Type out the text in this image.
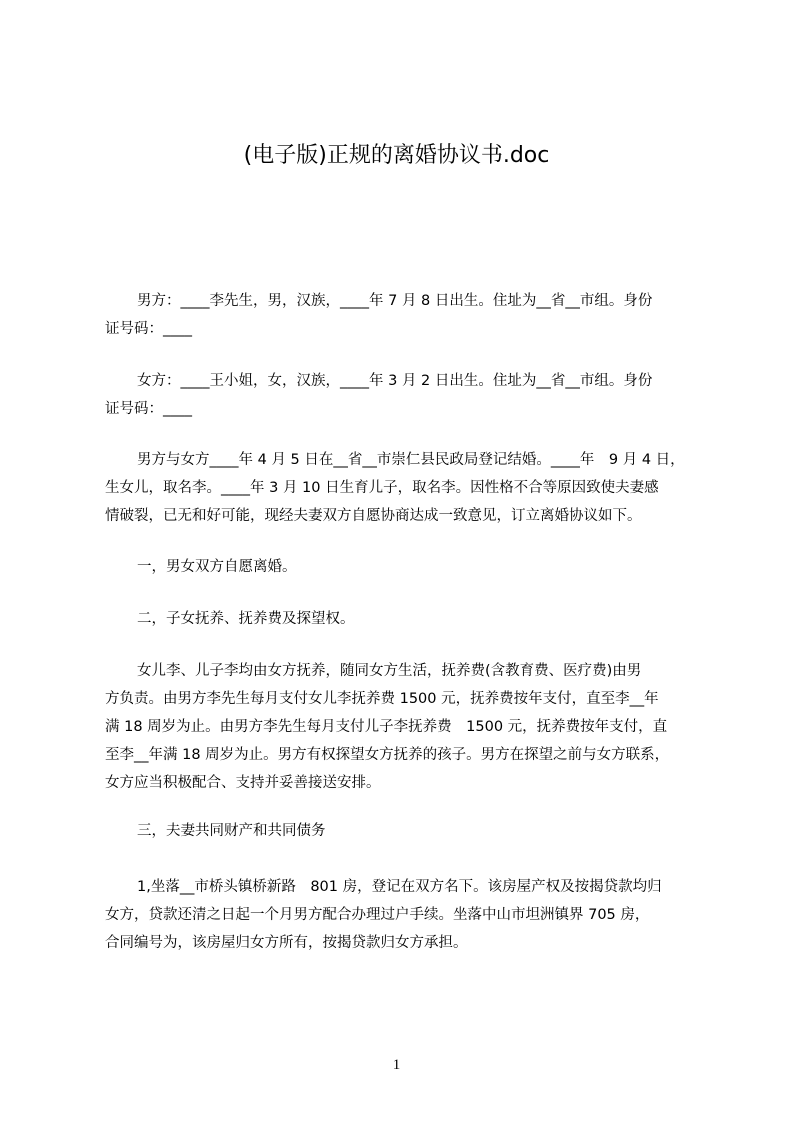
(电子版)正规的离婚协议书.doc
男方：____李先生，男，汉族，____年 7 月 8 日出生。住址为__省__市组。身份
证号码：____
女方：____王小姐，女，汉族，____年 3 月 2 日出生。住址为__省__市组。身份
证号码：____
男方与女方____年 4 月 5 日在__省__市崇仁县民政局登记结婚。____年　9 月 4 日，
生女儿，取名李。____年 3 月 10 日生育儿子，取名李。因性格不合等原因致使夫妻感
情破裂，已无和好可能，现经夫妻双方自愿协商达成一致意见，订立离婚协议如下。
一，男女双方自愿离婚。
二，子女抚养、抚养费及探望权。
女儿李、儿子李均由女方抚养，随同女方生活，抚养费(含教育费、医疗费)由男
方负责。由男方李先生每月支付女儿李抚养费 1500 元，抚养费按年支付，直至李__年
满 18 周岁为止。由男方李先生每月支付儿子李抚养费　1500 元，抚养费按年支付，直
至李__年满 18 周岁为止。男方有权探望女方抚养的孩子。男方在探望之前与女方联系，
女方应当积极配合、支持并妥善接送安排。
三，夫妻共同财产和共同债务
1,坐落__市桥头镇桥新路　801 房，登记在双方名下。该房屋产权及按揭贷款均归
女方，贷款还清之日起一个月男方配合办理过户手续。坐落中山市坦洲镇界 705 房，
合同编号为，该房屋归女方所有，按揭贷款归女方承担。
1
